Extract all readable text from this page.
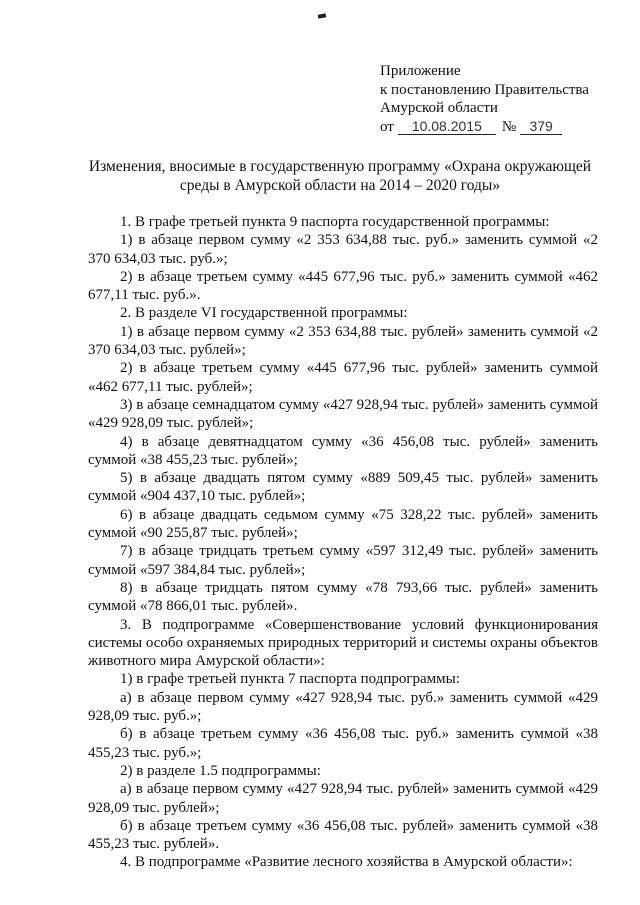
Приложение
к постановлению Правительства
Амурской области
от	10.08.2015	№ 379
Изменения, вносимые в государственную программу «Охрана окружающей
среды в Амурской области на 2014 – 2020 годы»

1. В графе третьей пункта 9 паспорта государственной программы:

1) в абзаце первом сумму «2 353 634,88 тыс. руб.» заменить суммой «2 370 634,03 тыс. руб.»;

2) в абзаце третьем сумму «445 677,96 тыс. руб.» заменить суммой «462 677,11 тыс. руб.».

2. В разделе VI государственной программы:

1) в абзаце первом сумму «2 353 634,88 тыс. рублей» заменить суммой «2 370 634,03 тыс. рублей»;

2) в абзаце третьем сумму «445 677,96 тыс. рублей» заменить суммой «462 677,11 тыс. рублей»;

3) в абзаце семнадцатом сумму «427 928,94 тыс. рублей» заменить суммой «429 928,09 тыс. рублей»;

4) в абзаце девятнадцатом сумму «36 456,08 тыс. рублей» заменить суммой «38 455,23 тыс. рублей»;

5) в абзаце двадцать пятом сумму «889 509,45 тыс. рублей» заменить суммой «904 437,10 тыс. рублей»;

6) в абзаце двадцать седьмом сумму «75 328,22 тыс. рублей» заменить суммой «90 255,87 тыс. рублей»;

7) в абзаце тридцать третьем сумму «597 312,49 тыс. рублей» заменить суммой «597 384,84 тыс. рублей»;

8) в абзаце тридцать пятом сумму «78 793,66 тыс. рублей» заменить суммой «78 866,01 тыс. рублей».

3. В подпрограмме «Совершенствование условий функционирования системы особо охраняемых природных территорий и системы охраны объектов животного мира Амурской области»:

1) в графе третьей пункта 7 паспорта подпрограммы:

а) в абзаце первом сумму «427 928,94 тыс. руб.» заменить суммой «429 928,09 тыс. руб.»;

б) в абзаце третьем сумму «36 456,08 тыс. руб.» заменить суммой «38 455,23 тыс. руб.»;

2) в разделе 1.5 подпрограммы:

а) в абзаце первом сумму «427 928,94 тыс. рублей» заменить суммой «429 928,09 тыс. рублей»;

б) в абзаце третьем сумму «36 456,08 тыс. рублей» заменить суммой «38 455,23 тыс. рублей».

4. В подпрограмме «Развитие лесного хозяйства в Амурской области»:
